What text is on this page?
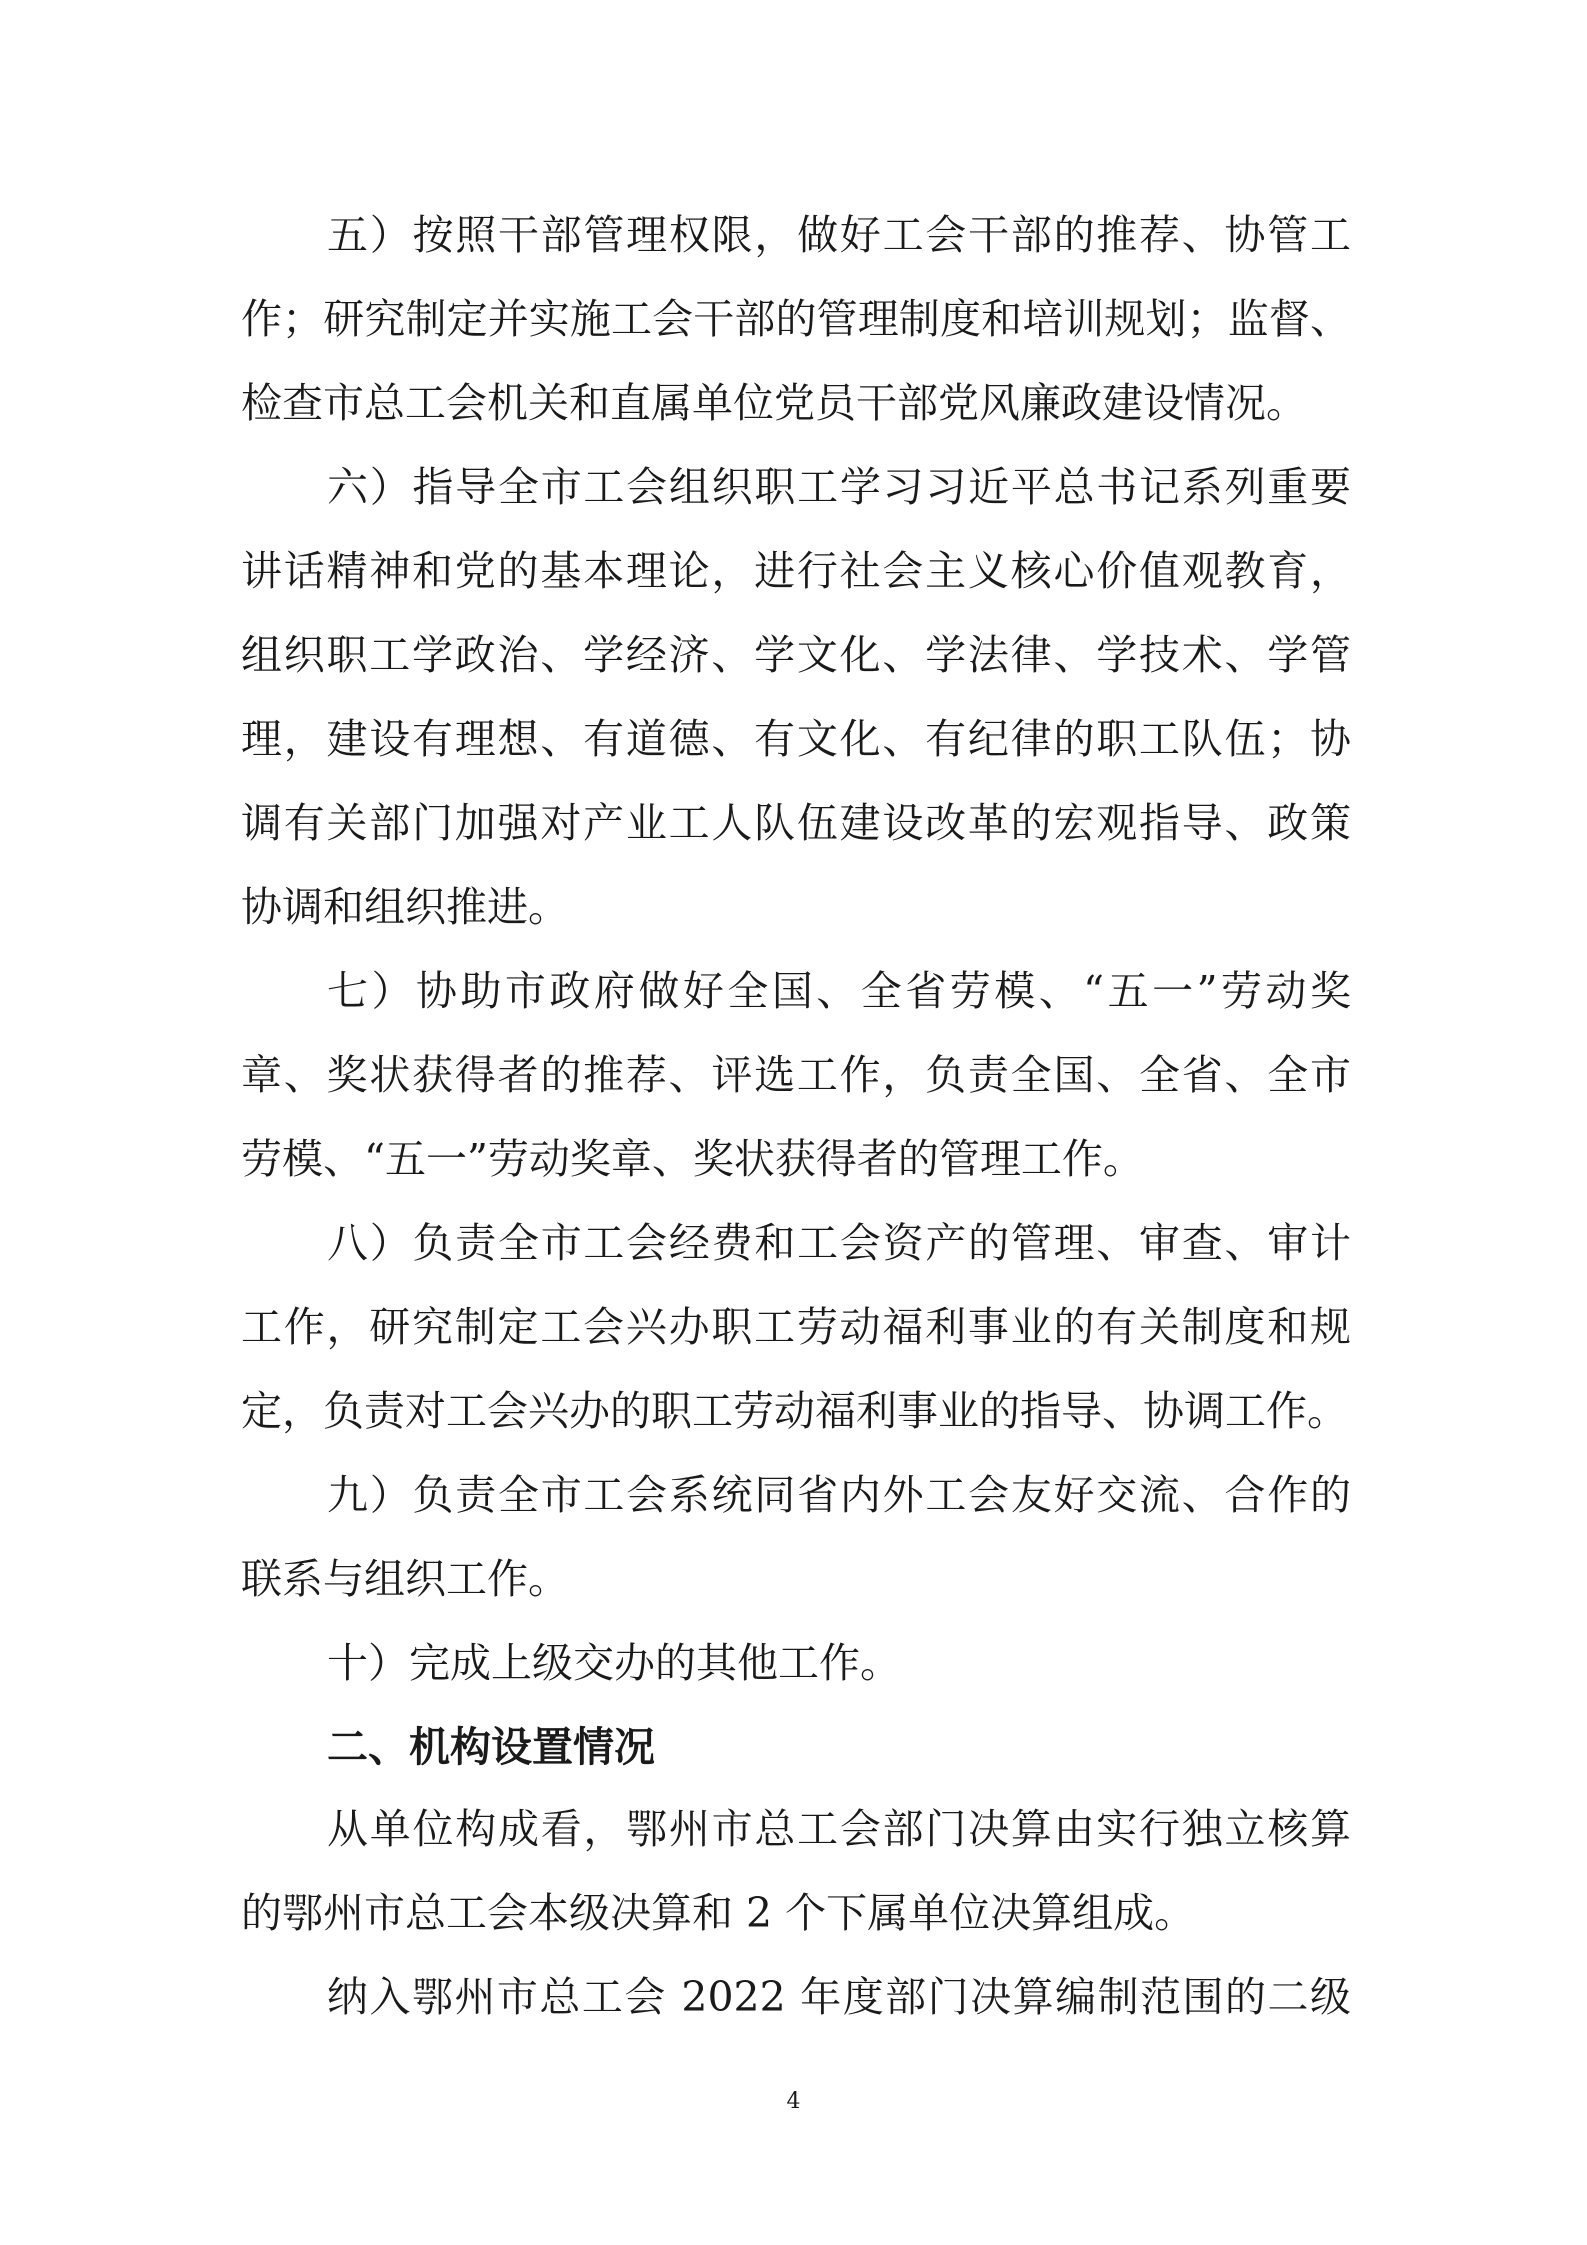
五）按照干部管理权限，做好工会干部的推荐、协管工
作；研究制定并实施工会干部的管理制度和培训规划；监督、
检查市总工会机关和直属单位党员干部党风廉政建设情况。
六）指导全市工会组织职工学习习近平总书记系列重要
讲话精神和党的基本理论，进行社会主义核心价值观教育，
组织职工学政治、学经济、学文化、学法律、学技术、学管
理，建设有理想、有道德、有文化、有纪律的职工队伍；协
调有关部门加强对产业工人队伍建设改革的宏观指导、政策
协调和组织推进。
七）协助市政府做好全国、全省劳模、“五一”劳动奖
章、奖状获得者的推荐、评选工作，负责全国、全省、全市
劳模、“五一”劳动奖章、奖状获得者的管理工作。
八）负责全市工会经费和工会资产的管理、审查、审计
工作，研究制定工会兴办职工劳动福利事业的有关制度和规
定，负责对工会兴办的职工劳动福利事业的指导、协调工作。
九）负责全市工会系统同省内外工会友好交流、合作的
联系与组织工作。
十）完成上级交办的其他工作。
二、机构设置情况
从单位构成看，鄂州市总工会部门决算由实行独立核算
的鄂州市总工会本级决算和 2 个下属单位决算组成。
纳入鄂州市总工会 2022 年度部门决算编制范围的二级
4
